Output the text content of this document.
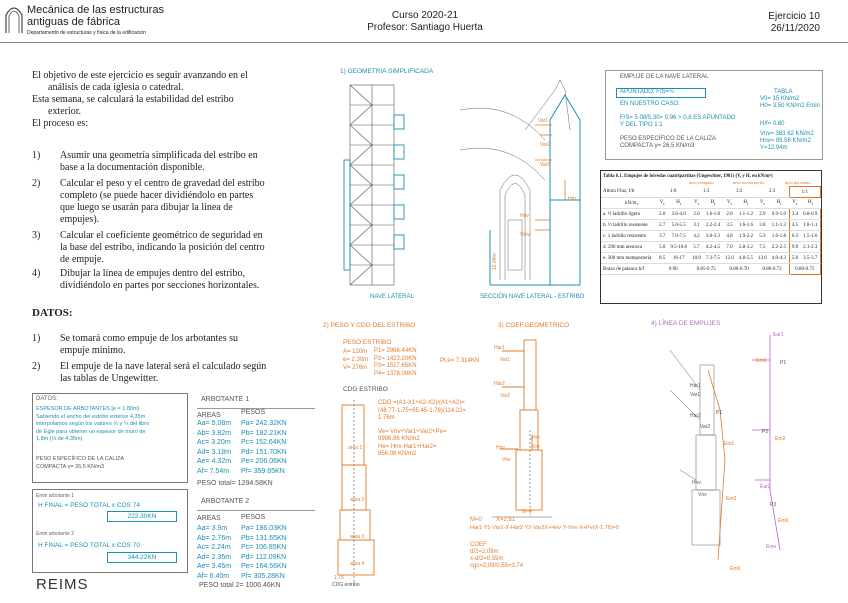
Mecánica de las estructuras
antiguas de fábrica
Departamento de estructuras y física de la edificación
Curso 2020-21
Profesor: Santiago Huerta
Ejercicio 10
26/11/2020
El objetivo de este ejercicio es seguir avanzando en el
análisis de cada iglesia o catedral.
Esta semana, se calculará la estabilidad del estribo
exterior.
El proceso es:
1) Asumir una geometría simplificada del estribo en
base a la documentación disponible.
2) Calcular el peso y el centro de gravedad del estribo
completo (se puede hacer dividiéndolo en partes
que luego se usarán para dibujar la línea de
empujes).
3) Calcular el coeficiente geométrico de seguridad en
la base del estribo, indicando la posición del centro
de empuje.
4) Dibujar la línea de empujes dentro del estribo,
dividiéndolo en partes por secciones horizontales.
DATOS:
1) Se tomará como empuje de los arbotantes su
empuje mínimo.
2) El empuje de la nave lateral será el calculado según
las tablas de Ungewitter.
DATOS:
ESPESOR DE ARBOTANTES [e = 1.80m]
Sabiendo el ancho del estribo exterior 4,35m
interpolamos según los valores ⅓ y ¼ del libro
de Egle para obtener un espesor de muro de
1,8m (⅓ de 4,35m)
PESO ESPECÍFICO DE LA CALIZA
COMPACTA γ= 26,5 KN/m3
Emin arbotante 1
H FINAL = PESO TOTAL x COS 74
222.30KN
Emin arbotante 2
H FINAL = PESO TOTAL x COS 70
344.22KN
REIMS
ARBOTANTE 1
AREAS	PESOS
Aa= 5.08m Pa= 242.32KN
Ab= 3.82m Pb= 182.21KN
Ac= 3.20m Pc= 152.64KN
Ad= 3.18m Pd= 151.70KN
Ae= 4.32m Pe= 206.06KN
Af= 7.54m Pf= 359.65KN
PESO total= 1294.58KN
ARBOTANTE 2
AREAS	PESOS
Aa= 3.9m Pa= 186.03KN
Ab= 2.76m Pb= 131.65KN
Ac= 2.24m Pc= 106.85KN
Ad= 2.35m Pd= 112.09KN
Ae= 3.45m Pe= 164.56KN
Af= 6.40m Pf= 305.28KN
PESO total 2= 1006.46KN
1) GEOMETRIA SIMPLIFICADA
Var1
Var2
Var3
Hm
Hnv
Vmv
12.94m
NAVE LATERAL	SECCIÓN NAVE LATERAL - ESTRIBO
EMPUJE DE LA NAVE LATERAL
APUNTADO: F/S=¼
EN NUESTRO CASO:
F/S= 5.08/5.30= 0.96 > 0.8 ES APUNTADO
Y DEL TIPO 1:1
PESO ESPECÍFICO DE LA CALIZA
COMPACTA γ= 26,5 KN/m3
TABLA
V0= 15 KN/m2
H0= 3.50 KN/m2 Emin
H/f= 0.80
Vnv= 383.62 KN/m2
Hnv= 89.56 KN/m2
Y=12.94m
Tabla 6.1. Empujes de bóvedas cuatripartitas (Ungewitter, 1901) (V, y H, en kN/m²)
arco rebajado	arco medio punto	arco apuntado
Altura f/luz, f/b	1:6		1:3		1:2		2:3		1:1	
kN/m₃	$V_r$	$H_r$	$V_r$	$H_r$	$V_r$	$H_r$	$V_r$	$H_r$	$V_r$	$H_r$
a. ½ ladrillo ligero	2.0	3.6-4.0	2.0	1.6-1.8	2.6	1.1-1.2	2.9	0.9-1.0	3.4	0.8-0.9
b. ½ ladrillo resistente	2.7	5.0-5.5	3.1	2.2-2.4	3.5	1.6-1.6	3.8	1.1-1.3	4.5	1.0-1.1
c. 1 ladrillo resistente	3.7	7.0-7.5	4.2	3.0-3.3	4.8	1.9-2.2	5.3	1.6-1.8	6.3	1.5-1.6
d. 200 mm arenisca	5.0	9.5-10.0	5.7	4.2-4.5	7.0	2.8-3.2	7.5	2.2-2.5	9.0	2.1-2.3
e. 300 mm mampostería	8.5	16-17	10.0	7.3-7.5	12.0	4.8-5.5	13.0	4.0-4.3	5.0	3.5-3.7
Brazo de palanca h/f	0.90		0.85-0.75		0.80-0.70		0.80-0.72		0.80-0.75	
2) PESO Y CDG DEL ESTRIBO
PESO ESTRIBO
A= 120m
e= 2.30m
V= 276m
P1= 2966.44KN
P2= 1423.20KN
P3= 1517.65KN
P4= 1378.08KN
Pt.e= 7.314KN
CDG ESTRIBO
CDG =(A1-X1+A2-X2)/(A1+A2)=
(48.77-1.75+65.45-1.78)/114.22=
1.76m
Ve= Vnv+Var1+Var2+Pe=
9996.86 KN/m2
He= Hnv-Har1+Har2=
856.08 KN/m2
area 1
area 2
area 3
area 4
1.76
CDG estribo
3) COEF.GEOMETRICO
Har1
Var1
Har2
Var2
Hm
Vm
Hnv
Vnv
M=0
M=0 X=2,61
Har1·Y1-Var1·X-Har2·Y2-Var2X+Hnv·Y-Vnv·X+Pe(X-1,76)=0
COEF
d/2=2,09m
x-d/2=0,55m
cgs=2,09/0,55=3,74
4) LÍNEA DE EMPUJES
Ear1
P1
Em1
Har1
Var1
Har2	P1
P2
Var2
Em2
Em1
Ear2
Hnv
P3
Vnv
Em3
Em0
Emv
Em0
